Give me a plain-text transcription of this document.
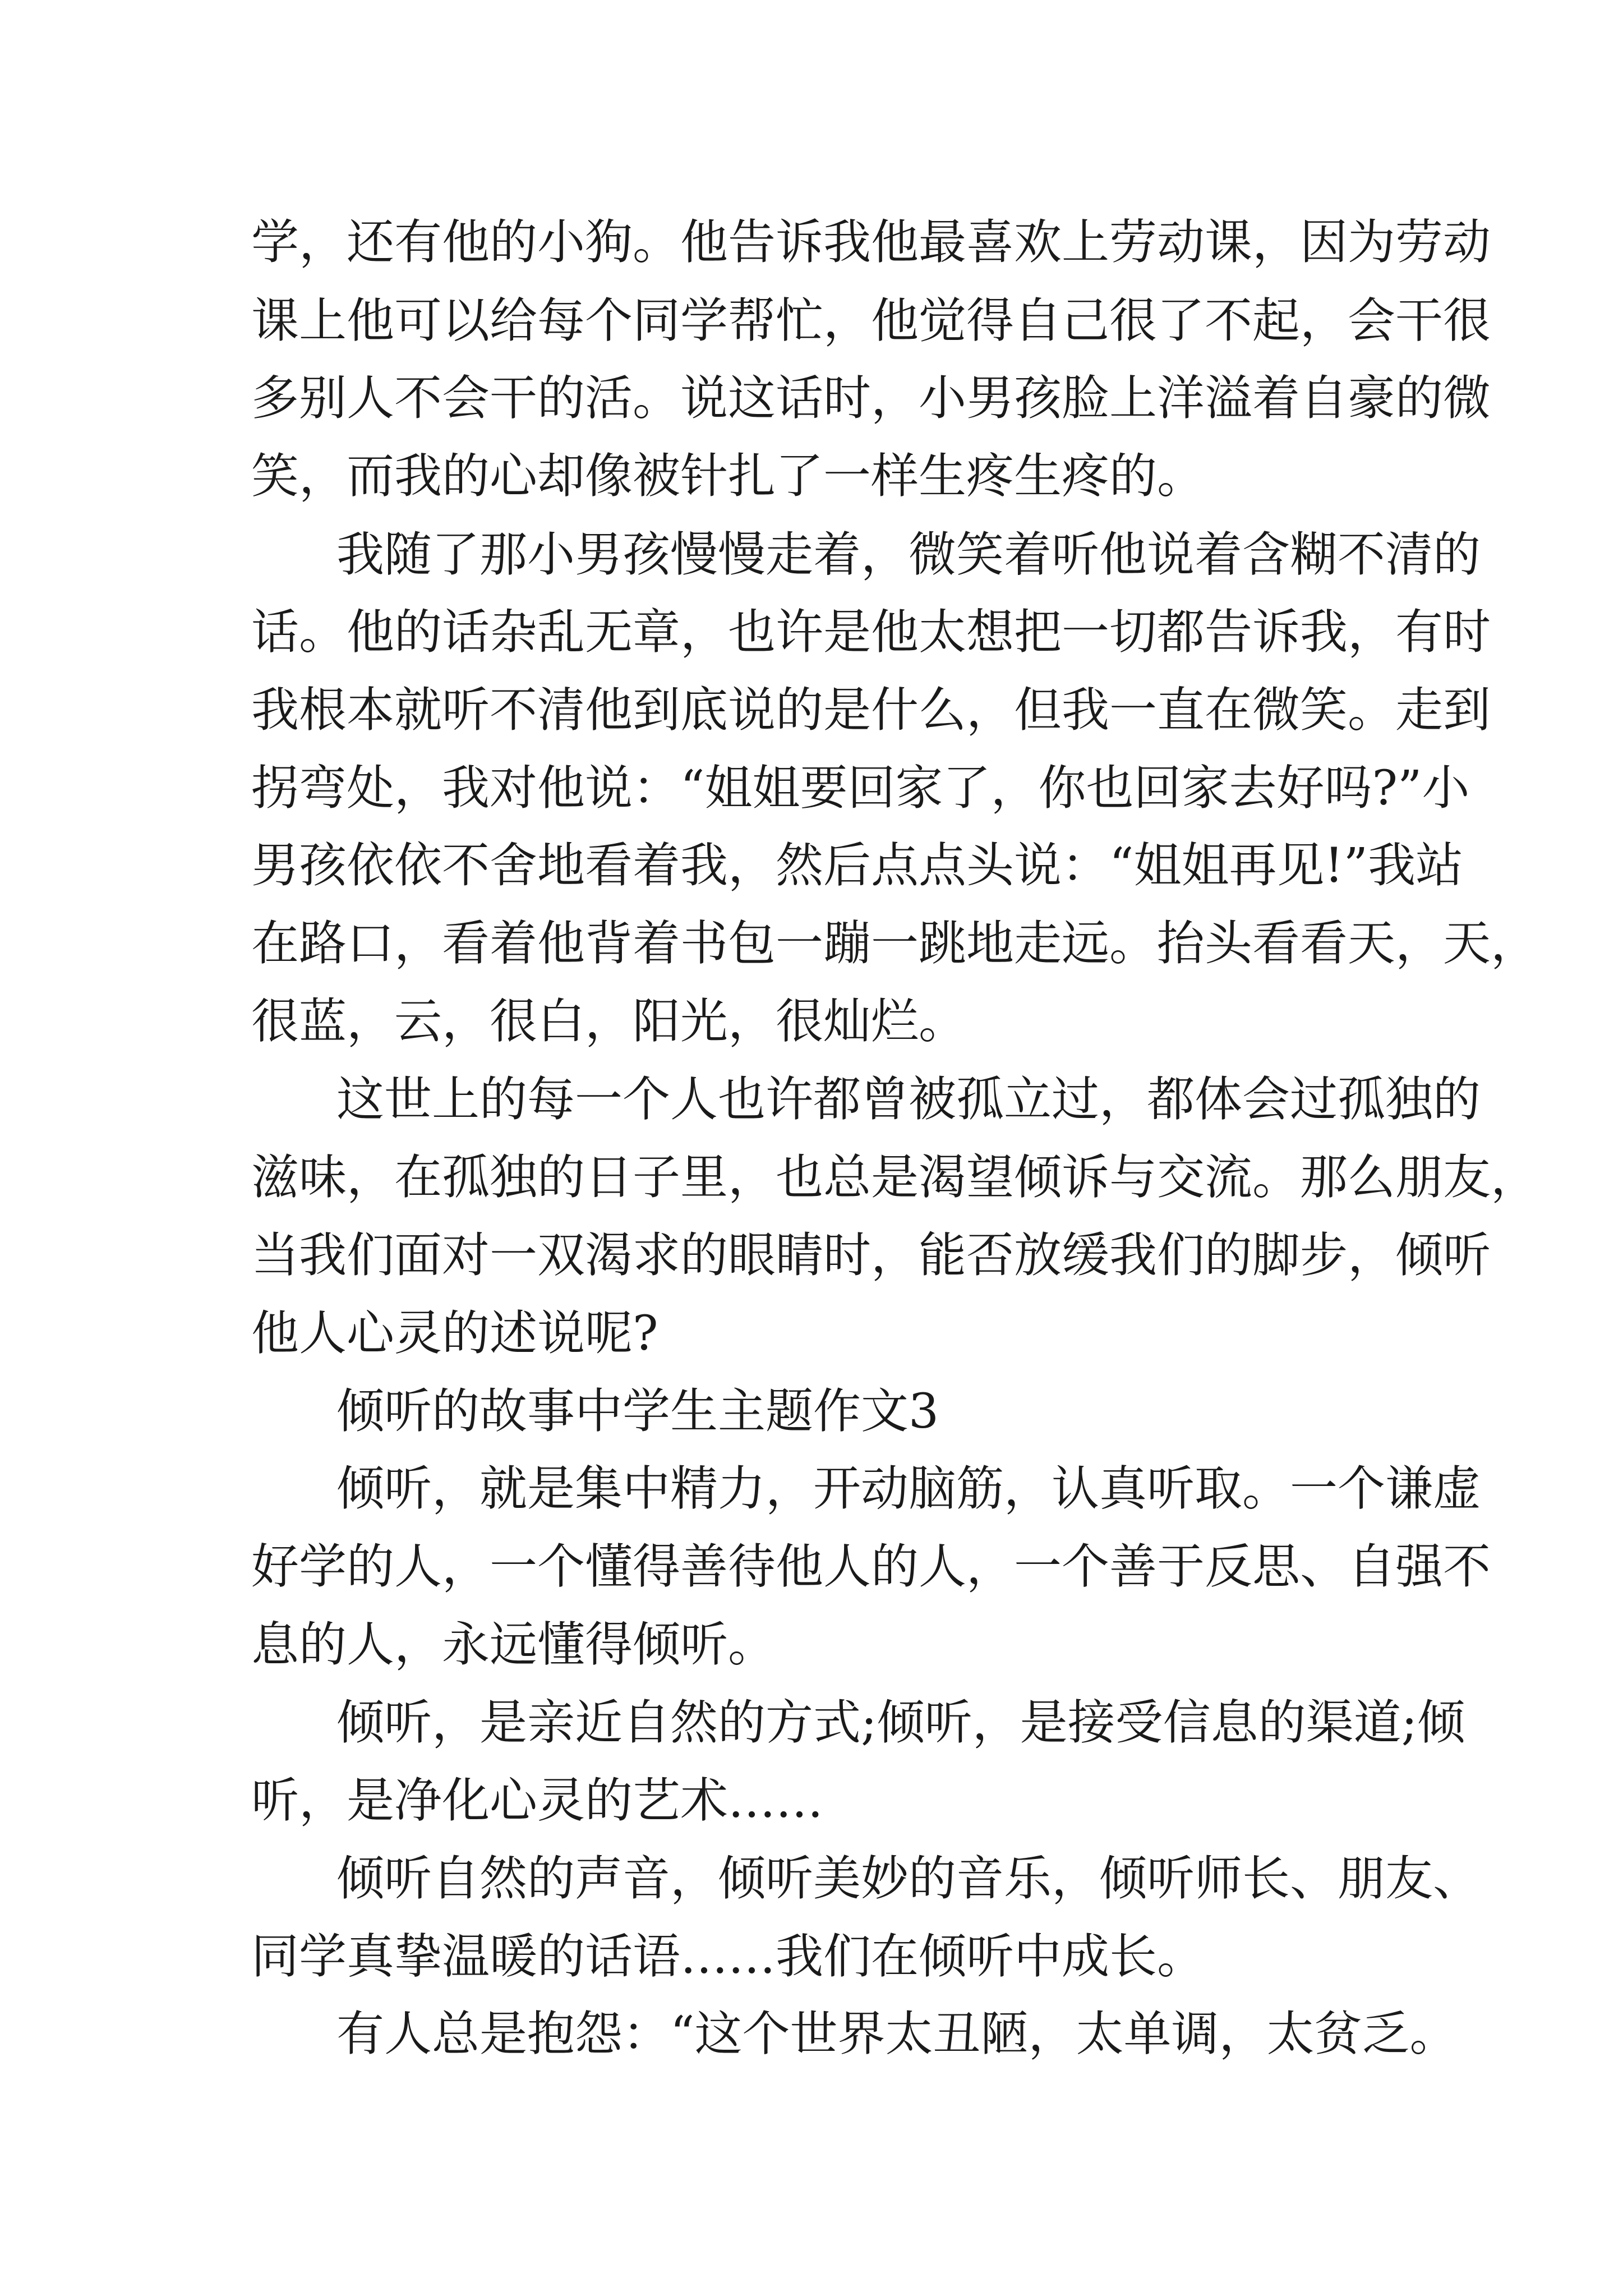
学，还有他的小狗。他告诉我他最喜欢上劳动课，因为劳动
课上他可以给每个同学帮忙，他觉得自己很了不起，会干很
多别人不会干的活。说这话时，小男孩脸上洋溢着自豪的微
笑，而我的心却像被针扎了一样生疼生疼的。
我随了那小男孩慢慢走着，微笑着听他说着含糊不清的
话。他的话杂乱无章，也许是他太想把一切都告诉我，有时
我根本就听不清他到底说的是什么，但我一直在微笑。走到
拐弯处，我对他说：“姐姐要回家了，你也回家去好吗?”小
男孩依依不舍地看着我，然后点点头说：“姐姐再见!”我站
在路口，看着他背着书包一蹦一跳地走远。抬头看看天，天，
很蓝，云，很白，阳光，很灿烂。
这世上的每一个人也许都曾被孤立过，都体会过孤独的
滋味，在孤独的日子里，也总是渴望倾诉与交流。那么朋友，
当我们面对一双渴求的眼睛时，能否放缓我们的脚步，倾听
他人心灵的述说呢?
倾听的故事中学生主题作文3
倾听，就是集中精力，开动脑筋，认真听取。一个谦虚
好学的人，一个懂得善待他人的人，一个善于反思、自强不
息的人，永远懂得倾听。
倾听，是亲近自然的方式;倾听，是接受信息的渠道;倾
听，是净化心灵的艺术……
倾听自然的声音，倾听美妙的音乐，倾听师长、朋友、
同学真挚温暖的话语……我们在倾听中成长。
有人总是抱怨：“这个世界太丑陋，太单调，太贫乏。
